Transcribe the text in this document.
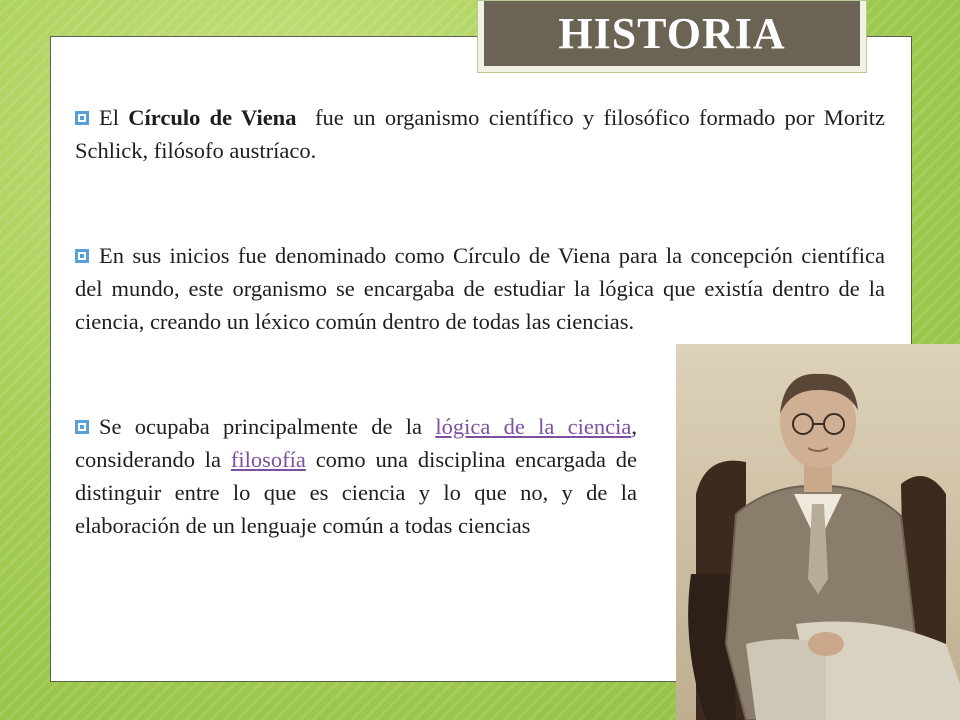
HISTORIA

El Círculo de Viena  fue un organismo científico y filosófico formado por Moritz Schlick, filósofo austríaco.

En sus inicios fue denominado como Círculo de Viena para la concepción científica del mundo, este organismo se encargaba de estudiar la lógica que existía dentro de la ciencia, creando un léxico común dentro de todas las ciencias.

Se ocupaba principalmente de la lógica de la ciencia, considerando la filosofía como una disciplina encargada de distinguir entre lo que es ciencia y lo que no, y de la elaboración de un lenguaje común a todas ciencias
